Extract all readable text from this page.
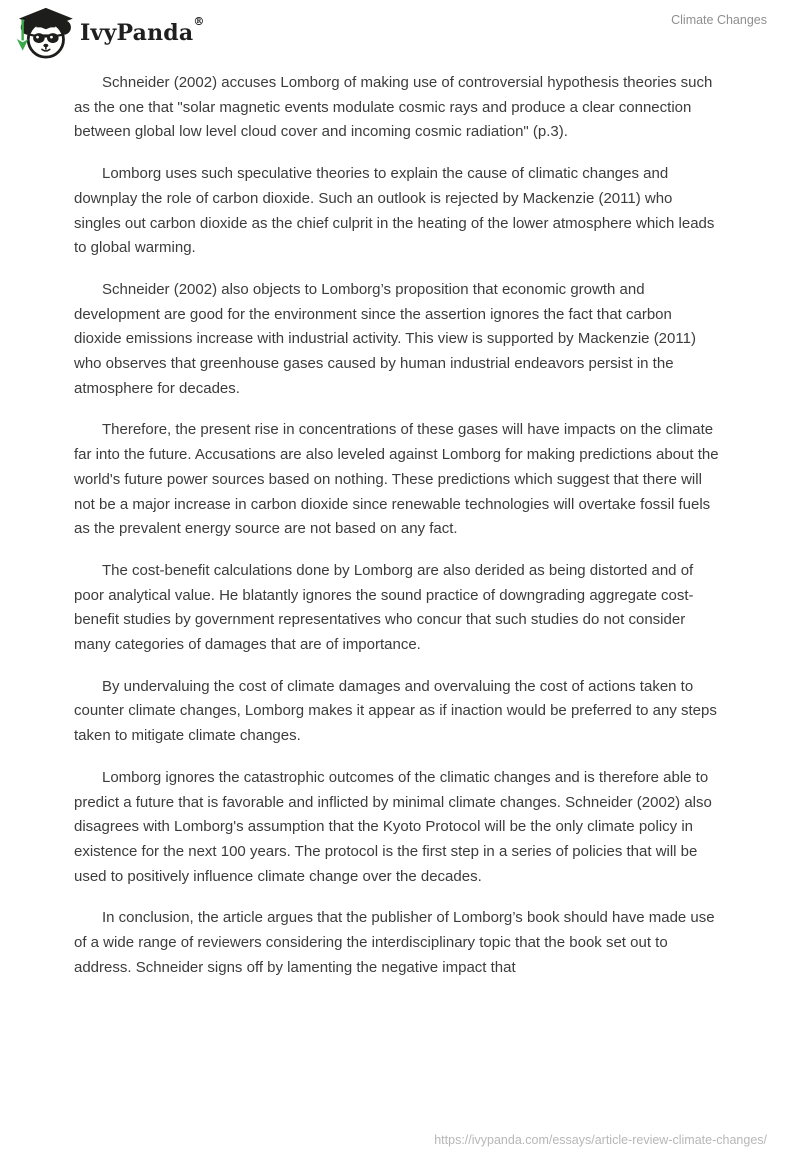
IvyPanda®	Climate Changes

Schneider (2002) accuses Lomborg of making use of controversial hypothesis theories such as the one that "solar magnetic events modulate cosmic rays and produce a clear connection between global low level cloud cover and incoming cosmic radiation" (p.3).

Lomborg uses such speculative theories to explain the cause of climatic changes and downplay the role of carbon dioxide. Such an outlook is rejected by Mackenzie (2011) who singles out carbon dioxide as the chief culprit in the heating of the lower atmosphere which leads to global warming.

Schneider (2002) also objects to Lomborg’s proposition that economic growth and development are good for the environment since the assertion ignores the fact that carbon dioxide emissions increase with industrial activity. This view is supported by Mackenzie (2011) who observes that greenhouse gases caused by human industrial endeavors persist in the atmosphere for decades.

Therefore, the present rise in concentrations of these gases will have impacts on the climate far into the future. Accusations are also leveled against Lomborg for making predictions about the world's future power sources based on nothing. These predictions which suggest that there will not be a major increase in carbon dioxide since renewable technologies will overtake fossil fuels as the prevalent energy source are not based on any fact.

The cost-benefit calculations done by Lomborg are also derided as being distorted and of poor analytical value. He blatantly ignores the sound practice of downgrading aggregate cost-benefit studies by government representatives who concur that such studies do not consider many categories of damages that are of importance.

By undervaluing the cost of climate damages and overvaluing the cost of actions taken to counter climate changes, Lomborg makes it appear as if inaction would be preferred to any steps taken to mitigate climate changes.

Lomborg ignores the catastrophic outcomes of the climatic changes and is therefore able to predict a future that is favorable and inflicted by minimal climate changes. Schneider (2002) also disagrees with Lomborg's assumption that the Kyoto Protocol will be the only climate policy in existence for the next 100 years. The protocol is the first step in a series of policies that will be used to positively influence climate change over the decades.

In conclusion, the article argues that the publisher of Lomborg’s book should have made use of a wide range of reviewers considering the interdisciplinary topic that the book set out to address. Schneider signs off by lamenting the negative impact that

https://ivypanda.com/essays/article-review-climate-changes/
